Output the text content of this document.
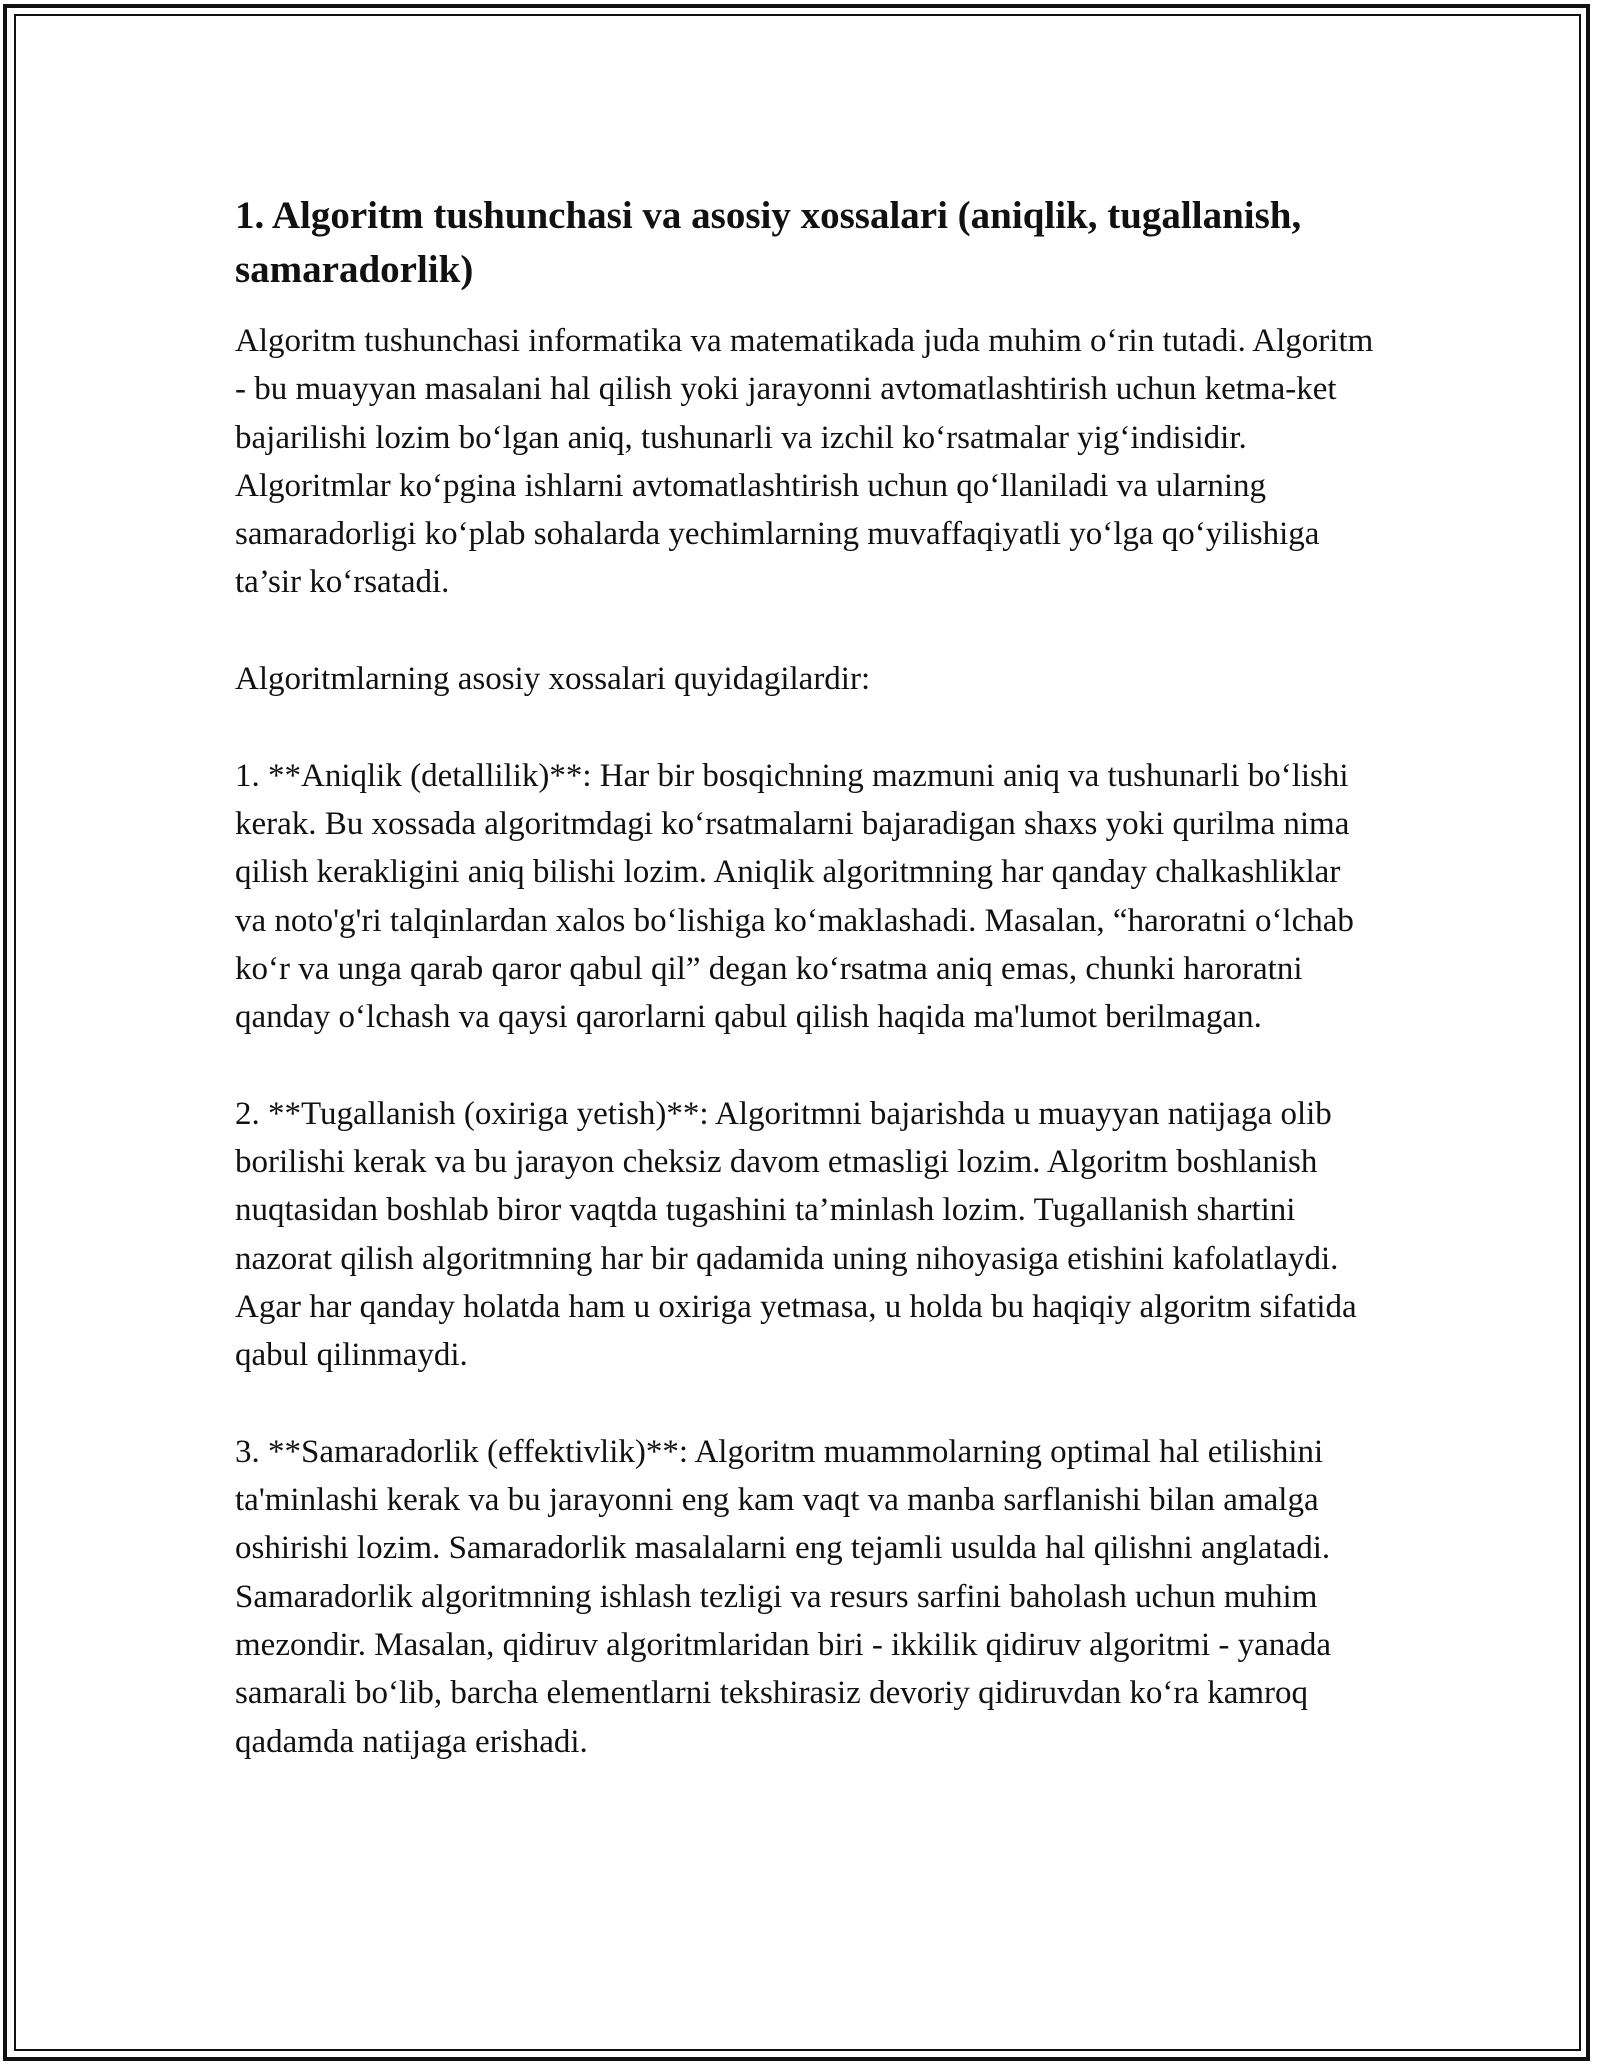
1. Algoritm tushunchasi va asosiy xossalari (aniqlik, tugallanish, samaradorlik)

Algoritm tushunchasi informatika va matematikada juda muhim o‘rin tutadi. Algoritm - bu muayyan masalani hal qilish yoki jarayonni avtomatlashtirish uchun ketma-ket bajarilishi lozim bo‘lgan aniq, tushunarli va izchil ko‘rsatmalar yig‘indisidir. Algoritmlar ko‘pgina ishlarni avtomatlashtirish uchun qo‘llaniladi va ularning samaradorligi ko‘plab sohalarda yechimlarning muvaffaqiyatli yo‘lga qo‘yilishiga ta’sir ko‘rsatadi.

Algoritmlarning asosiy xossalari quyidagilardir:

1. **Aniqlik (detallilik)**: Har bir bosqichning mazmuni aniq va tushunarli bo‘lishi kerak. Bu xossada algoritmdagi ko‘rsatmalarni bajaradigan shaxs yoki qurilma nima qilish kerakligini aniq bilishi lozim. Aniqlik algoritmning har qanday chalkashliklar va noto'g'ri talqinlardan xalos bo‘lishiga ko‘maklashadi. Masalan, “haroratni o‘lchab ko‘r va unga qarab qaror qabul qil” degan ko‘rsatma aniq emas, chunki haroratni qanday o‘lchash va qaysi qarorlarni qabul qilish haqida ma'lumot berilmagan.

2. **Tugallanish (oxiriga yetish)**: Algoritmni bajarishda u muayyan natijaga olib borilishi kerak va bu jarayon cheksiz davom etmasligi lozim. Algoritm boshlanish nuqtasidan boshlab biror vaqtda tugashini ta’minlash lozim. Tugallanish shartini nazorat qilish algoritmning har bir qadamida uning nihoyasiga etishini kafolatlaydi. Agar har qanday holatda ham u oxiriga yetmasa, u holda bu haqiqiy algoritm sifatida qabul qilinmaydi.

3. **Samaradorlik (effektivlik)**: Algoritm muammolarning optimal hal etilishini ta'minlashi kerak va bu jarayonni eng kam vaqt va manba sarflanishi bilan amalga oshirishi lozim. Samaradorlik masalalarni eng tejamli usulda hal qilishni anglatadi. Samaradorlik algoritmning ishlash tezligi va resurs sarfini baholash uchun muhim mezondir. Masalan, qidiruv algoritmlaridan biri - ikkilik qidiruv algoritmi - yanada samarali bo‘lib, barcha elementlarni tekshirasiz devoriy qidiruvdan ko‘ra kamroq qadamda natijaga erishadi.
